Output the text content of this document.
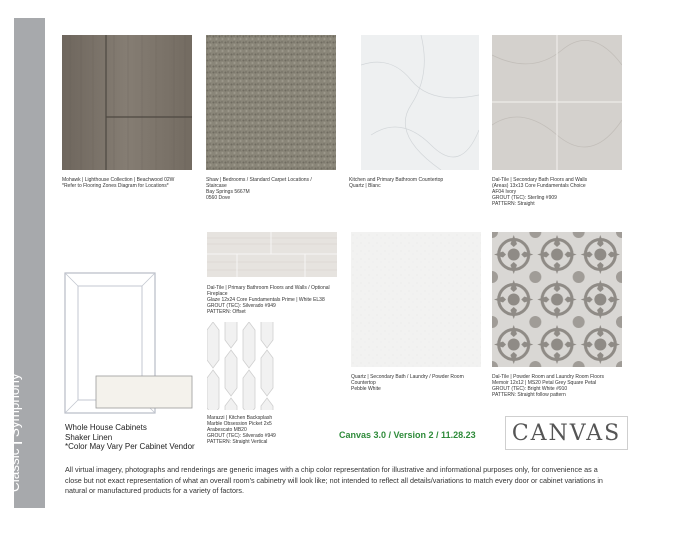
Classic | Symphony
Mohawk | Lighthouse Collection | Beachwood 02W
*Refer to Flooring Zones Diagram for Locations*
Shaw | Bedrooms / Standard Carpet Locations /
Staircase
Bay Springs 5667M
0560 Dove
Kitchen and Primary Bathroom Countertop
Quartz | Blanc
Dal-Tile | Secondary Bath Floors and Walls
(Areas) 13x13 Core Fundamentals Choice
AF04 Ivory
GROUT (TEC): Sterling #909
PATTERN: Straight
Dal-Tile | Primary Bathroom Floors and Walls / Optional
Fireplace
Glaze 12x24 Core Fundamentals Prime | White EL38
GROUT (TEC): Silverado #949
PATTERN: Offset
Marazzi | Kitchen Backsplash
Marble Obsession Picket 2x5
Arabescato MB20
GROUT (TEC): Silverado #949
PATTERN: Straight Vertical
Quartz | Secondary Bath / Laundry / Powder Room
Countertop
Pebble White
Dal-Tile | Powder Room and Laundry Room Floors
Memoir 12x12 | MS20 Petal Grey Square Petal
GROUT (TEC): Bright White #910
PATTERN: Straight follow pattern
Whole House Cabinets
Shaker Linen
*Color May Vary Per Cabinet Vendor
Canvas 3.0 / Version 2 / 11.28.23	CANVAS
All virtual imagery, photographs and renderings are generic images with a chip color representation for illustrative and informational purposes only, for convenience as a close but not exact representation of what an overall room's cabinetry will look like; not intended to reflect all details/variations to match every door or cabinet variations in natural or manufactured products for a variety of factors.
